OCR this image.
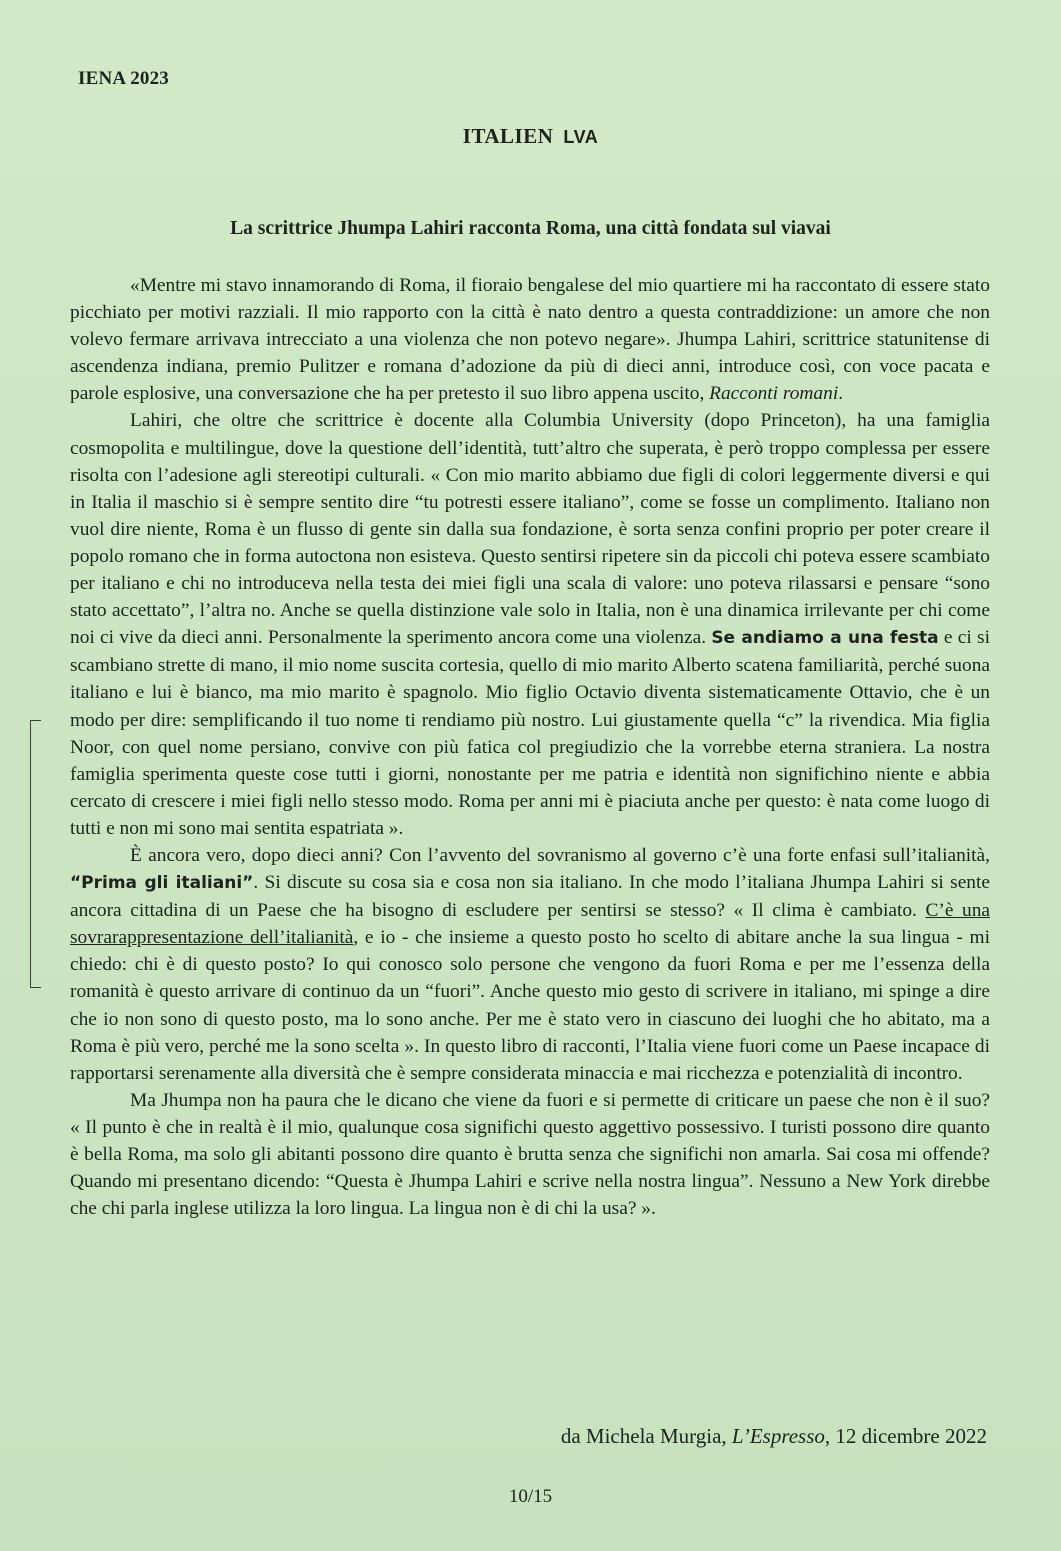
IENA 2023
ITALIEN LVA
La scrittrice Jhumpa Lahiri racconta Roma, una città fondata sul viavai

«Mentre mi stavo innamorando di Roma, il fioraio bengalese del mio quartiere mi ha raccontato di essere stato picchiato per motivi razziali. Il mio rapporto con la città è nato dentro a questa contraddizione: un amore che non volevo fermare arrivava intrecciato a una violenza che non potevo negare». Jhumpa Lahiri, scrittrice statunitense di ascendenza indiana, premio Pulitzer e romana d’adozione da più di dieci anni, introduce così, con voce pacata e parole esplosive, una conversazione che ha per pretesto il suo libro appena uscito, Racconti romani.

Lahiri, che oltre che scrittrice è docente alla Columbia University (dopo Princeton), ha una famiglia cosmopolita e multilingue, dove la questione dell’identità, tutt’altro che superata, è però troppo complessa per essere risolta con l’adesione agli stereotipi culturali. « Con mio marito abbiamo due figli di colori leggermente diversi e qui in Italia il maschio si è sempre sentito dire “tu potresti essere italiano”, come se fosse un complimento. Italiano non vuol dire niente, Roma è un flusso di gente sin dalla sua fondazione, è sorta senza confini proprio per poter creare il popolo romano che in forma autoctona non esisteva. Questo sentirsi ripetere sin da piccoli chi poteva essere scambiato per italiano e chi no introduceva nella testa dei miei figli una scala di valore: uno poteva rilassarsi e pensare “sono stato accettato”, l’altra no. Anche se quella distinzione vale solo in Italia, non è una dinamica irrilevante per chi come noi ci vive da dieci anni. Personalmente la sperimento ancora come una violenza. Se andiamo a una festa e ci si scambiano strette di mano, il mio nome suscita cortesia, quello di mio marito Alberto scatena familiarità, perché suona italiano e lui è bianco, ma mio marito è spagnolo. Mio figlio Octavio diventa sistematicamente Ottavio, che è un modo per dire: semplificando il tuo nome ti rendiamo più nostro. Lui giustamente quella “c” la rivendica. Mia figlia Noor, con quel nome persiano, convive con più fatica col pregiudizio che la vorrebbe eterna straniera. La nostra famiglia sperimenta queste cose tutti i giorni, nonostante per me patria e identità non significhino niente e abbia cercato di crescere i miei figli nello stesso modo. Roma per anni mi è piaciuta anche per questo: è nata come luogo di tutti e non mi sono mai sentita espatriata ».

È ancora vero, dopo dieci anni? Con l’avvento del sovranismo al governo c’è una forte enfasi sull’italianità, “Prima gli italiani”. Si discute su cosa sia e cosa non sia italiano. In che modo l’italiana Jhumpa Lahiri si sente ancora cittadina di un Paese che ha bisogno di escludere per sentirsi se stesso? « Il clima è cambiato. C’è una sovrarappresentazione dell’italianità, e io - che insieme a questo posto ho scelto di abitare anche la sua lingua - mi chiedo: chi è di questo posto? Io qui conosco solo persone che vengono da fuori Roma e per me l’essenza della romanità è questo arrivare di continuo da un “fuori”. Anche questo mio gesto di scrivere in italiano, mi spinge a dire che io non sono di questo posto, ma lo sono anche. Per me è stato vero in ciascuno dei luoghi che ho abitato, ma a Roma è più vero, perché me la sono scelta ». In questo libro di racconti, l’Italia viene fuori come un Paese incapace di rapportarsi serenamente alla diversità che è sempre considerata minaccia e mai ricchezza e potenzialità di incontro.

Ma Jhumpa non ha paura che le dicano che viene da fuori e si permette di criticare un paese che non è il suo? « Il punto è che in realtà è il mio, qualunque cosa significhi questo aggettivo possessivo. I turisti possono dire quanto è bella Roma, ma solo gli abitanti possono dire quanto è brutta senza che significhi non amarla. Sai cosa mi offende? Quando mi presentano dicendo: “Questa è Jhumpa Lahiri e scrive nella nostra lingua”. Nessuno a New York direbbe che chi parla inglese utilizza la loro lingua. La lingua non è di chi la usa? ».

da Michela Murgia, L’Espresso, 12 dicembre 2022
10/15
